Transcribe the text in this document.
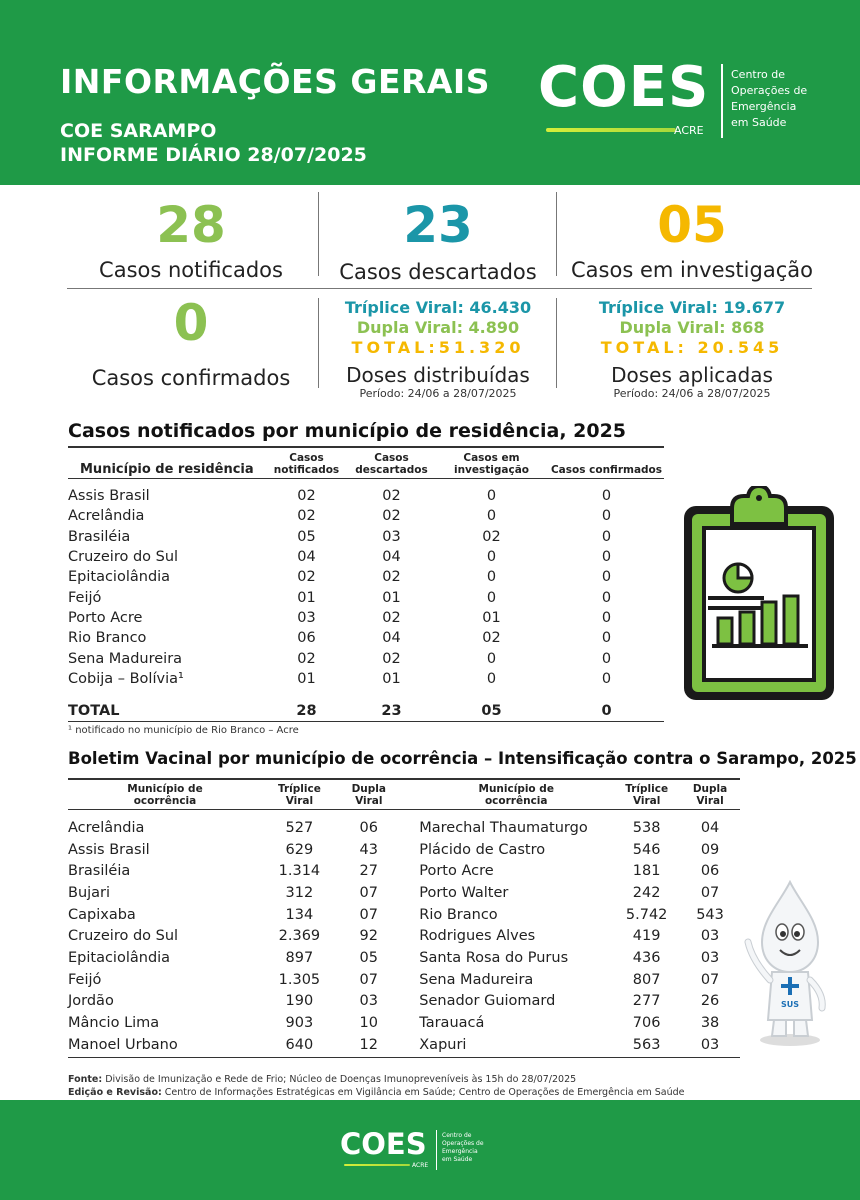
INFORMAÇÕES GERAIS
COE SARAMPO
INFORME DIÁRIO 28/07/2025
COES
ACRE
Centro de
Operações de
Emergência
em Saúde
28
Casos notificados
23
Casos descartados
05
Casos em investigação
0
Casos confirmados
Tríplice Viral: 46.430
Dupla Viral: 4.890
TOTAL:51.320
Doses distribuídas
Período: 24/06 a 28/07/2025
Tríplice Viral: 19.677
Dupla Viral: 868
TOTAL: 20.545
Doses aplicadas
Período: 24/06 a 28/07/2025
Casos notificados por município de residência, 2025
Município de residência	Casos notificados	Casos descartados	Casos em investigação	Casos confirmados

Assis Brasil	02	02	0	0
Acrelândia	02	02	0	0
Brasiléia	05	03	02	0
Cruzeiro do Sul	04	04	0	0
Epitaciolândia	02	02	0	0
Feijó	01	01	0	0
Porto Acre	03	02	01	0
Rio Branco	06	04	02	0
Sena Madureira	02	02	0	0
Cobija – Bolívia¹	01	01	0	0

TOTAL	28	23	05	0
¹ notificado no município de Rio Branco – Acre
Boletim Vacinal por município de ocorrência – Intensificação contra o Sarampo, 2025

Município de ocorrência	Tríplice Viral	Dupla Viral		Município de ocorrência	Tríplice Viral	Dupla Viral

Acrelândia	527	06		Marechal Thaumaturgo	538	04
Assis Brasil	629	43		Plácido de Castro	546	09
Brasiléia	1.314	27		Porto Acre	181	06
Bujari	312	07		Porto Walter	242	07
Capixaba	134	07		Rio Branco	5.742	543
Cruzeiro do Sul	2.369	92		Rodrigues Alves	419	03
Epitaciolândia	897	05		Santa Rosa do Purus	436	03
Feijó	1.305	07		Sena Madureira	807	07
Jordão	190	03		Senador Guiomard	277	26
Mâncio Lima	903	10		Tarauacá	706	38
Manoel Urbano	640	12		Xapuri	563	03

SUS
Fonte: Divisão de Imunização e Rede de Frio; Núcleo de Doenças Imunopreveníveis às 15h do 28/07/2025
Edição e Revisão: Centro de Informações Estratégicas em Vigilância em Saúde; Centro de Operações de Emergência em Saúde
COES
ACRE
Centro de
Operações de
Emergência
em Saúde
